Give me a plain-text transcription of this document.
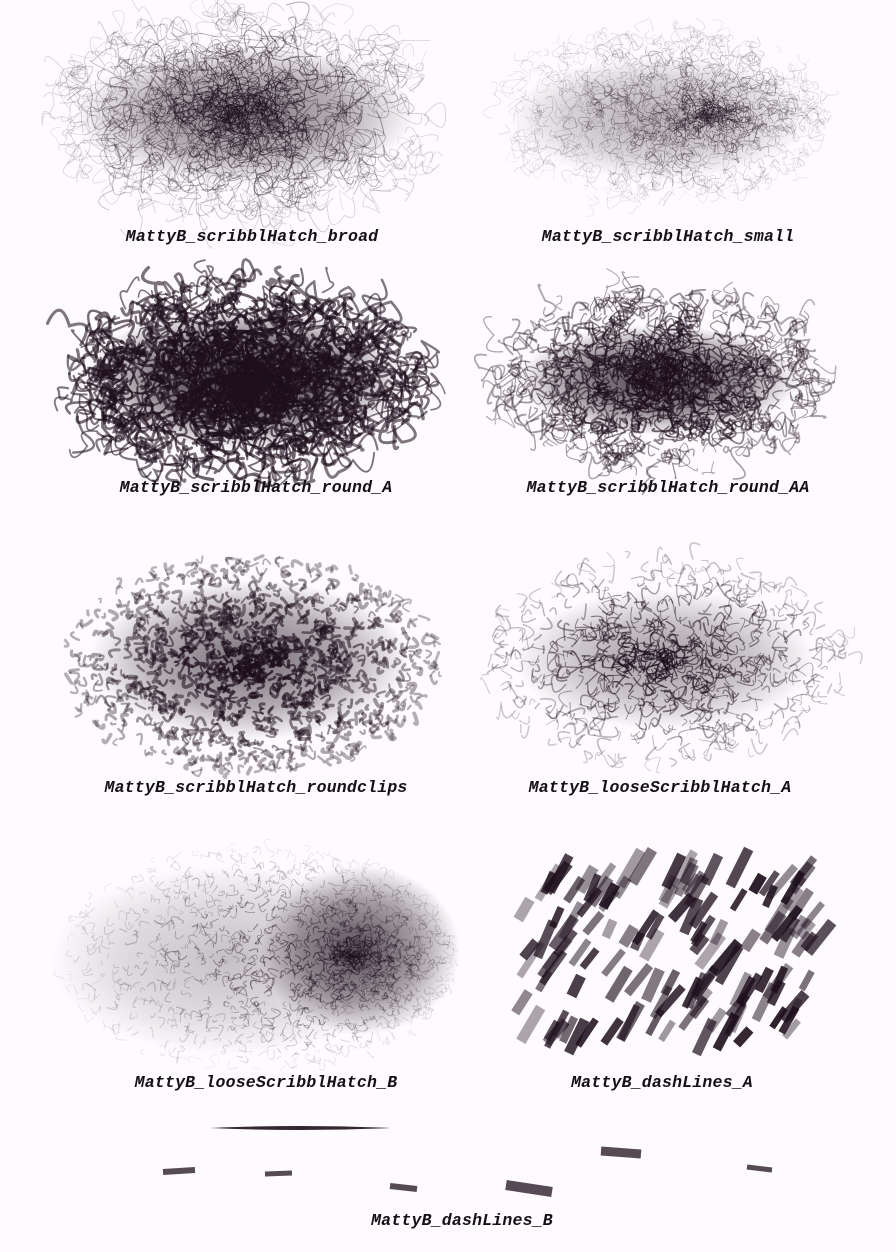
MattyB_scribblHatch_broad	MattyB_scribblHatch_small
MattyB_scribblHatch_round_A	MattyB_scribblHatch_round_AA
MattyB_scribblHatch_roundclips	MattyB_looseScribblHatch_A
MattyB_looseScribblHatch_B	MattyB_dashLines_A
MattyB_dashLines_B
